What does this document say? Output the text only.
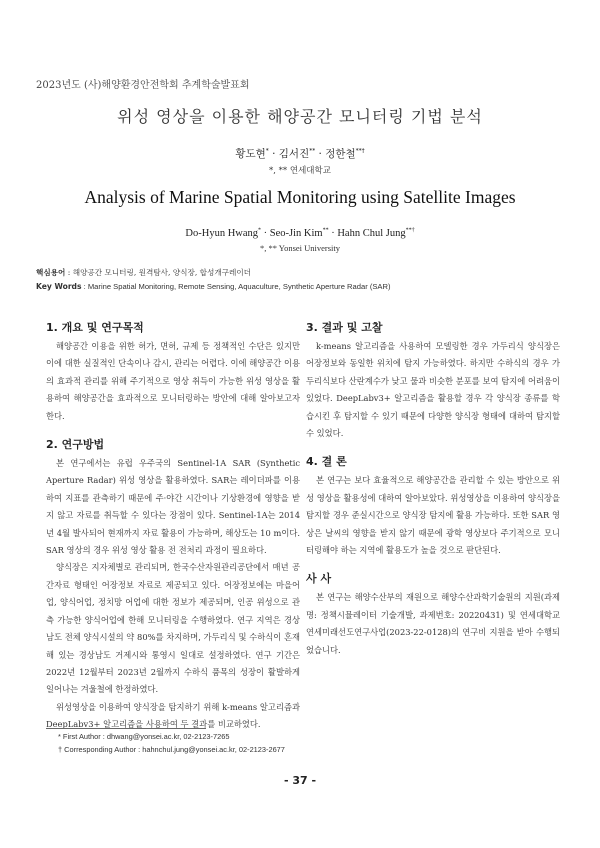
2023년도 (사)해양환경안전학회 추계학술발표회
위성 영상을 이용한 해양공간 모니터링 기법 분석
황도현* · 김서진** · 정한철**†
*, ** 연세대학교
Analysis of Marine Spatial Monitoring using Satellite Images
Do-Hyun Hwang* · Seo-Jin Kim** · Hahn Chul Jung**†
*, ** Yonsei University
핵심용어 : 해양공간 모니터링, 원격탐사, 양식장, 합성개구레이더
Key Words : Marine Spatial Monitoring, Remote Sensing, Aquaculture, Synthetic Aperture Radar (SAR)
1. 개요 및 연구목적

해양공간 이용을 위한 허가, 면허, 규제 등 정책적인 수단은 있지만 이에 대한 실질적인 단속이나 감시, 관리는 어렵다. 이에 해양공간 이용의 효과적 관리를 위해 주기적으로 영상 취득이 가능한 위성 영상을 활용하여 해양공간을 효과적으로 모니터링하는 방안에 대해 알아보고자 한다.

2. 연구방법

본 연구에서는 유럽 우주국의 Sentinel-1A SAR (Synthetic Aperture Radar) 위성 영상을 활용하였다. SAR는 레이더파를 이용하여 지표를 관측하기 때문에 주·야간 시간이나 기상환경에 영향을 받지 않고 자료를 취득할 수 있다는 장점이 있다. Sentinel-1A는 2014년 4월 발사되어 현재까지 자료 활용이 가능하며, 해상도는 10 m이다. SAR 영상의 경우 위성 영상 활용 전 전처리 과정이 필요하다.

양식장은 지자체별로 관리되며, 한국수산자원관리공단에서 매년 공간자료 형태인 어장정보 자료로 제공되고 있다. 어장정보에는 마을어업, 양식어업, 정치망 어업에 대한 정보가 제공되며, 인공 위성으로 관측 가능한 양식어업에 한해 모니터링을 수행하였다. 연구 지역은 경상남도 전체 양식시설의 약 80%를 차지하며, 가두리식 및 수하식이 혼재해 있는 경상남도 거제시와 통영시 일대로 설정하였다. 연구 기간은 2022년 12월부터 2023년 2월까지 수하식 품목의 성장이 활발하게 일어나는 겨울철에 한정하였다.

위성영상을 이용하여 양식장을 탐지하기 위해 k-means 알고리즘과 DeepLabv3+ 알고리즘을 사용하여 두 결과를 비교하였다.

3. 결과 및 고찰

k-means 알고리즘을 사용하여 모델링한 경우 가두리식 양식장은 어장정보와 동일한 위치에 탐지 가능하였다. 하지만 수하식의 경우 가두리식보다 산란계수가 낮고 물과 비슷한 분포를 보여 탐지에 어려움이 있었다. DeepLabv3+ 알고리즘을 활용할 경우 각 양식장 종류를 학습시킨 후 탐지할 수 있기 때문에 다양한 양식장 형태에 대하여 탐지할 수 있었다.

4. 결 론

본 연구는 보다 효율적으로 해양공간을 관리할 수 있는 방안으로 위성 영상을 활용성에 대하여 알아보았다. 위성영상을 이용하여 양식장을 탐지할 경우 준실시간으로 양식장 탐지에 활용 가능하다. 또한 SAR 영상은 날씨의 영향을 받지 않기 때문에 광학 영상보다 주기적으로 모니터링해야 하는 지역에 활용도가 높을 것으로 판단된다.

사 사

본 연구는 해양수산부의 재원으로 해양수산과학기술원의 지원(과제명: 정책시뮬레이터 기술개발, 과제번호: 20220431) 및 연세대학교 연세미래선도연구사업(2023-22-0128)의 연구비 지원을 받아 수행되었습니다.

* First Author : dhwang@yonsei.ac.kr, 02-2123-7265
† Corresponding Author : hahnchul.jung@yonsei.ac.kr, 02-2123-2677
- 37 -
